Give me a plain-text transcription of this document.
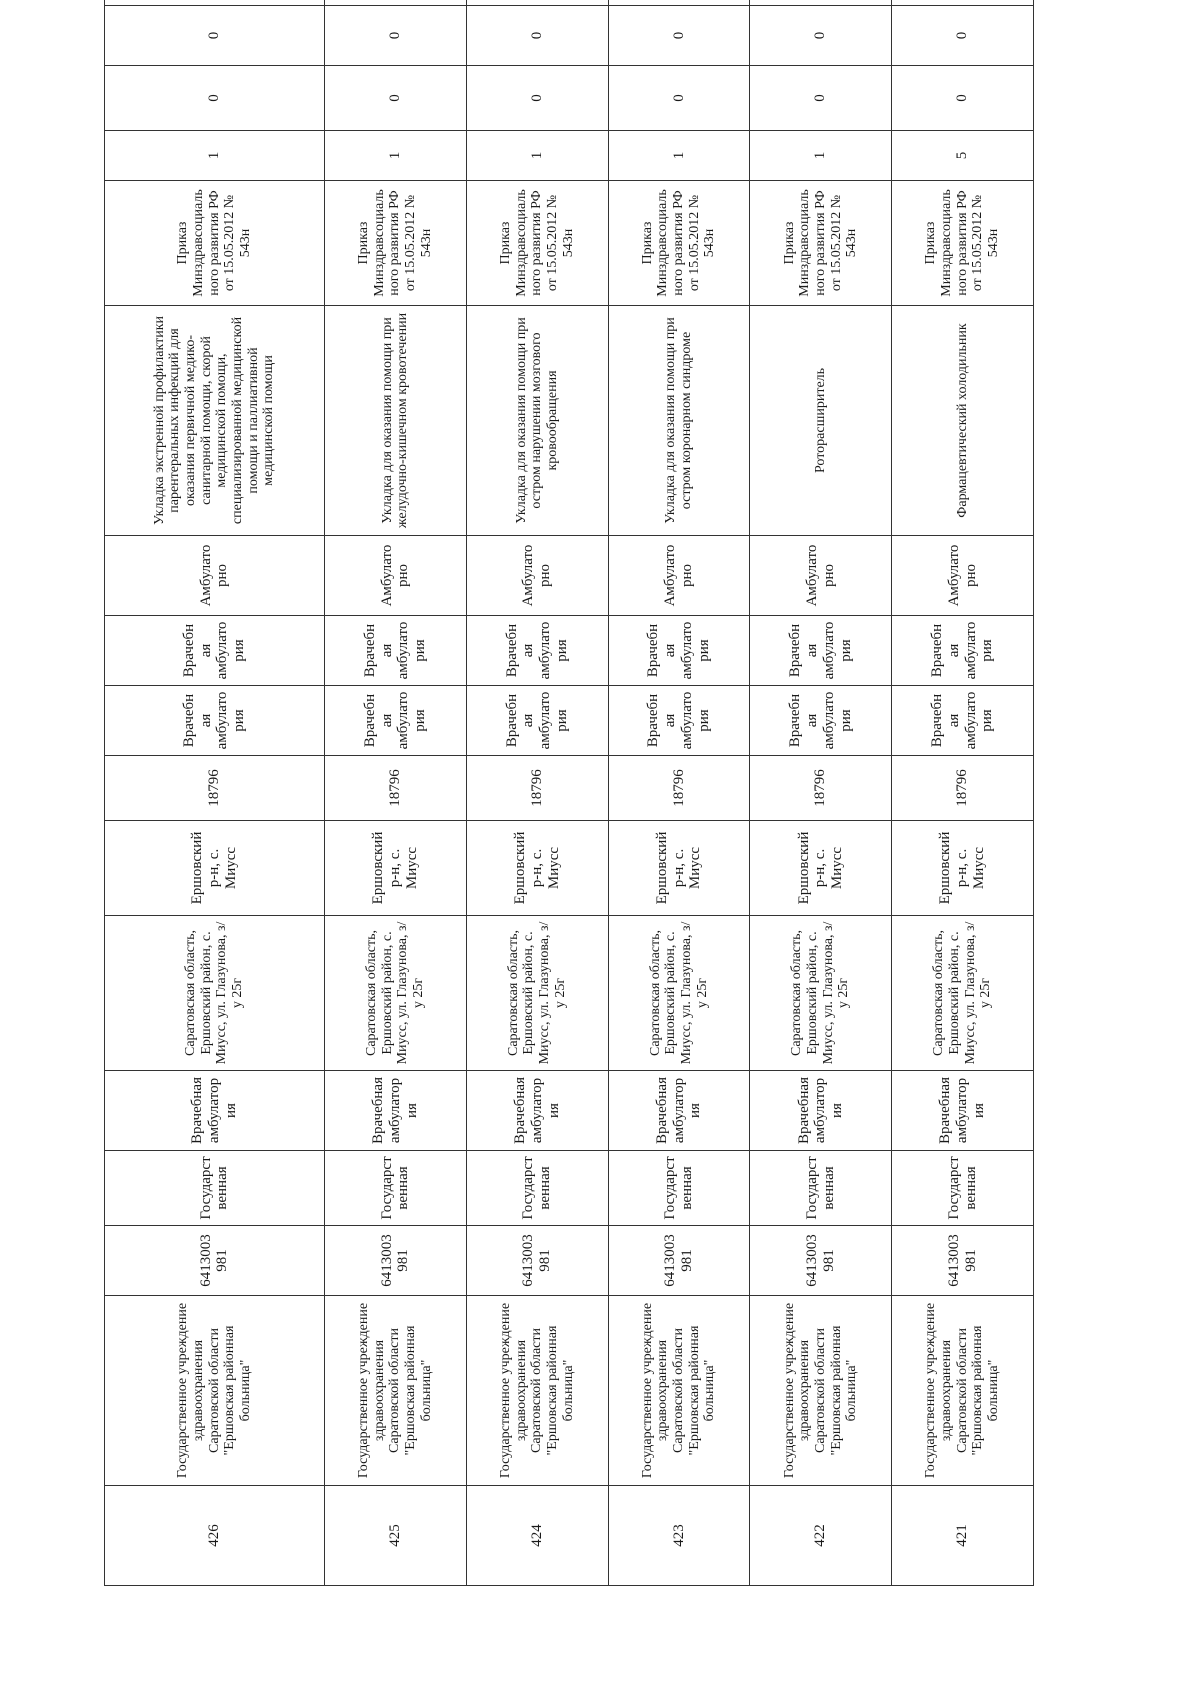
426	Государственное учреждение здравоохранения Саратовской области "Ершовская районная больница"	6413003981	Государственная	Врачебная амбулатория	Саратовская область, Ершовский район, с. Миусс, ул. Глазунова, з/у 25г	Ершовский р-н, с. Миусс	18796	Врачебная амбулатория	Врачебная амбулатория	Амбулаторно	Укладка экстренной профилактики парентеральных инфекций для оказания первичной медико-санитарной помощи, скорой медицинской помощи, специализированной медицинской помощи и паллиативной медицинской помощи	Приказ Минздравсоциального развития РФ от 15.05.2012 № 543н	1	0	0		
425	Государственное учреждение здравоохранения Саратовской области "Ершовская районная больница"	6413003981	Государственная	Врачебная амбулатория	Саратовская область, Ершовский район, с. Миусс, ул. Глазунова, з/у 25г	Ершовский р-н, с. Миусс	18796	Врачебная амбулатория	Врачебная амбулатория	Амбулаторно	Укладка для оказания помощи при желудочно-кишечном кровотечении	Приказ Минздравсоциального развития РФ от 15.05.2012 № 543н	1	0	0		
424	Государственное учреждение здравоохранения Саратовской области "Ершовская районная больница"	6413003981	Государственная	Врачебная амбулатория	Саратовская область, Ершовский район, с. Миусс, ул. Глазунова, з/у 25г	Ершовский р-н, с. Миусс	18796	Врачебная амбулатория	Врачебная амбулатория	Амбулаторно	Укладка для оказания помощи при остром нарушении мозгового кровообращения	Приказ Минздравсоциального развития РФ от 15.05.2012 № 543н	1	0	0		
423	Государственное учреждение здравоохранения Саратовской области "Ершовская районная больница"	6413003981	Государственная	Врачебная амбулатория	Саратовская область, Ершовский район, с. Миусс, ул. Глазунова, з/у 25г	Ершовский р-н, с. Миусс	18796	Врачебная амбулатория	Врачебная амбулатория	Амбулаторно	Укладка для оказания помощи при остром коронарном синдроме	Приказ Минздравсоциального развития РФ от 15.05.2012 № 543н	1	0	0		
422	Государственное учреждение здравоохранения Саратовской области "Ершовская районная больница"	6413003981	Государственная	Врачебная амбулатория	Саратовская область, Ершовский район, с. Миусс, ул. Глазунова, з/у 25г	Ершовский р-н, с. Миусс	18796	Врачебная амбулатория	Врачебная амбулатория	Амбулаторно	Роторасширитель	Приказ Минздравсоциального развития РФ от 15.05.2012 № 543н	1	0	0		
421	Государственное учреждение здравоохранения Саратовской области "Ершовская районная больница"	6413003981	Государственная	Врачебная амбулатория	Саратовская область, Ершовский район, с. Миусс, ул. Глазунова, з/у 25г	Ершовский р-н, с. Миусс	18796	Врачебная амбулатория	Врачебная амбулатория	Амбулаторно	Фармацевтический холодильник	Приказ Минздравсоциального развития РФ от 15.05.2012 № 543н	5	0	0		
